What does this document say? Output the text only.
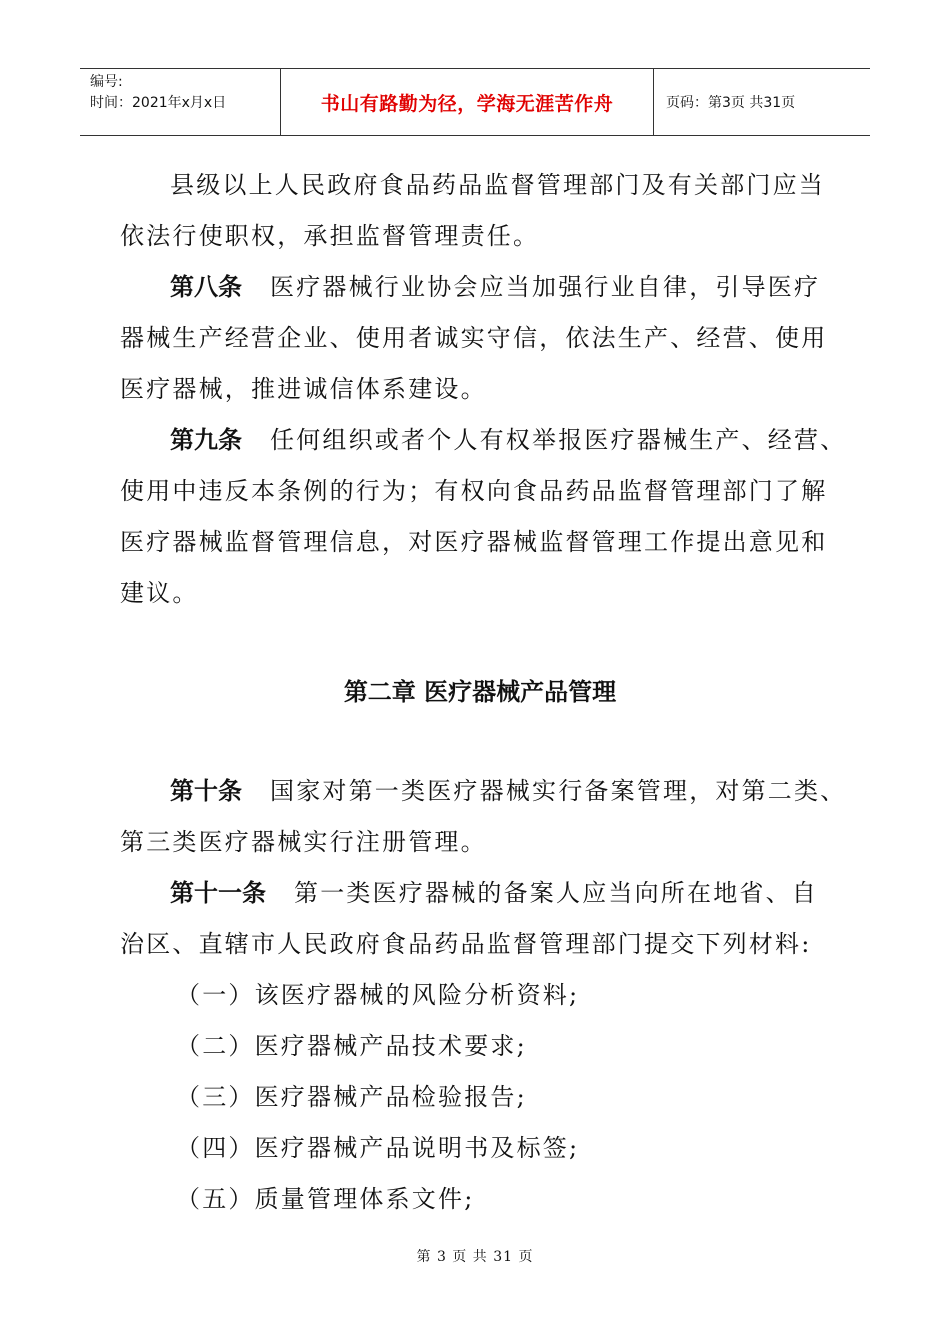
编号:
时间：2021年x月x日	书山有路勤为径，学海无涯苦作舟	页码：第3页 共31页
县级以上人民政府食品药品监督管理部门及有关部门应当
依法行使职权，承担监督管理责任。
第八条 医疗器械行业协会应当加强行业自律，引导医疗
器械生产经营企业、使用者诚实守信，依法生产、经营、使用
医疗器械，推进诚信体系建设。
第九条 任何组织或者个人有权举报医疗器械生产、经营、
使用中违反本条例的行为；有权向食品药品监督管理部门了解
医疗器械监督管理信息，对医疗器械监督管理工作提出意见和
建议。
第二章 医疗器械产品管理
第十条 国家对第一类医疗器械实行备案管理，对第二类、
第三类医疗器械实行注册管理。
第十一条 第一类医疗器械的备案人应当向所在地省、自
治区、直辖市人民政府食品药品监督管理部门提交下列材料:
（一）该医疗器械的风险分析资料;
（二）医疗器械产品技术要求;
（三）医疗器械产品检验报告;
（四）医疗器械产品说明书及标签;
（五）质量管理体系文件;
第 3 页 共 31 页
